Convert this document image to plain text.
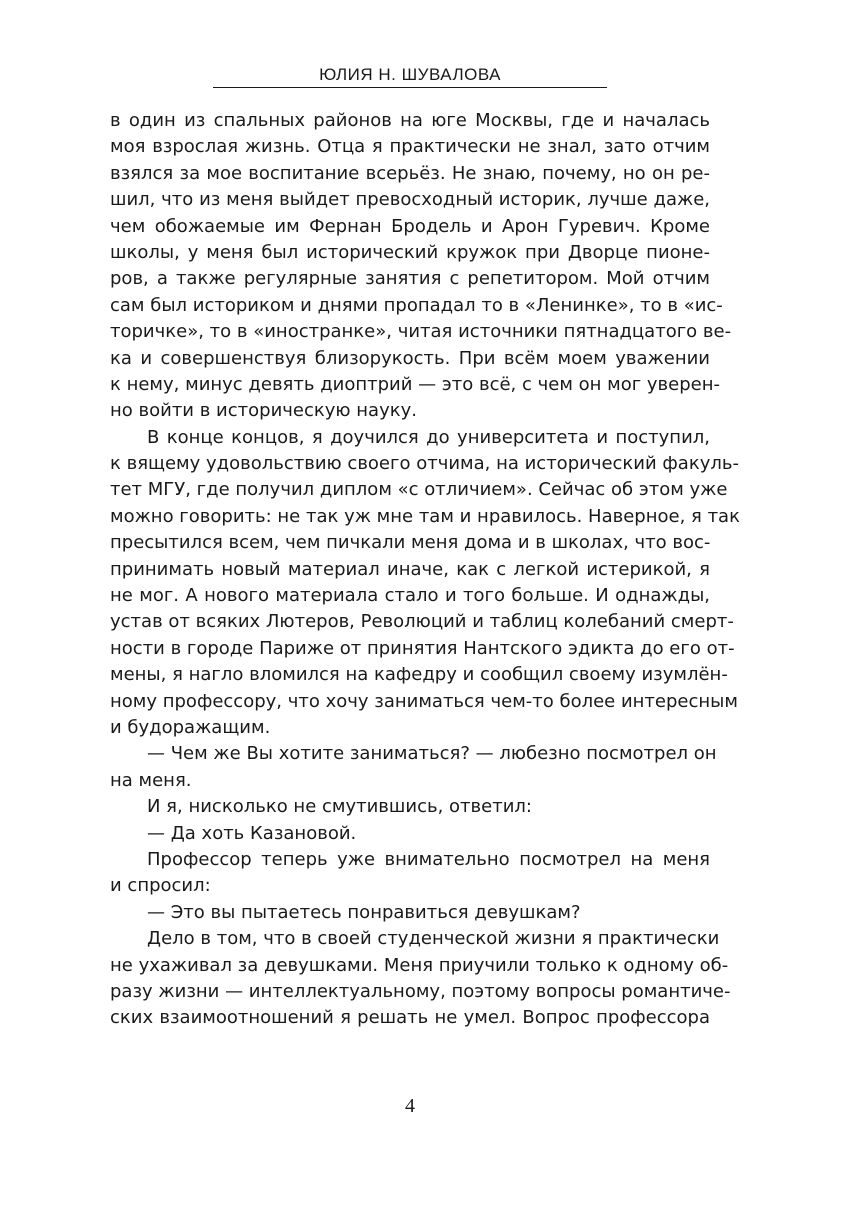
ЮЛИЯ Н. ШУВАЛОВА
в один из спальных районов на юге Москвы, где и началась
моя взрослая жизнь. Отца я практически не знал, зато отчим
взялся за мое воспитание всерьёз. Не знаю, почему, но он ре-
шил, что из меня выйдет превосходный историк, лучше даже,
чем обожаемые им Фернан Бродель и Арон Гуревич. Кроме
школы, у меня был исторический кружок при Дворце пионе-
ров, а также регулярные занятия с репетитором. Мой отчим
сам был историком и днями пропадал то в «Ленинке», то в «ис-
торичке», то в «иностранке», читая источники пятнадцатого ве-
ка и совершенствуя близорукость. При всём моем уважении
к нему, минус девять диоптрий — это всё, с чем он мог уверен-
но войти в историческую науку.
В конце концов, я доучился до университета и поступил,
к вящему удовольствию своего отчима, на исторический факуль-
тет МГУ, где получил диплом «с отличием». Сейчас об этом уже
можно говорить: не так уж мне там и нравилось. Наверное, я так
пресытился всем, чем пичкали меня дома и в школах, что вос-
принимать новый материал иначе, как с легкой истерикой, я
не мог. А нового материала стало и того больше. И однажды,
устав от всяких Лютеров, Революций и таблиц колебаний смерт-
ности в городе Париже от принятия Нантского эдикта до его от-
мены, я нагло вломился на кафедру и сообщил своему изумлён-
ному профессору, что хочу заниматься чем-то более интересным
и будоражащим.
— Чем же Вы хотите заниматься? — любезно посмотрел он
на меня.
И я, нисколько не смутившись, ответил:
— Да хоть Казановой.
Профессор теперь уже внимательно посмотрел на меня
и спросил:
— Это вы пытаетесь понравиться девушкам?
Дело в том, что в своей студенческой жизни я практически
не ухаживал за девушками. Меня приучили только к одному об-
разу жизни — интеллектуальному, поэтому вопросы романтиче-
ских взаимоотношений я решать не умел. Вопрос профессора
4
